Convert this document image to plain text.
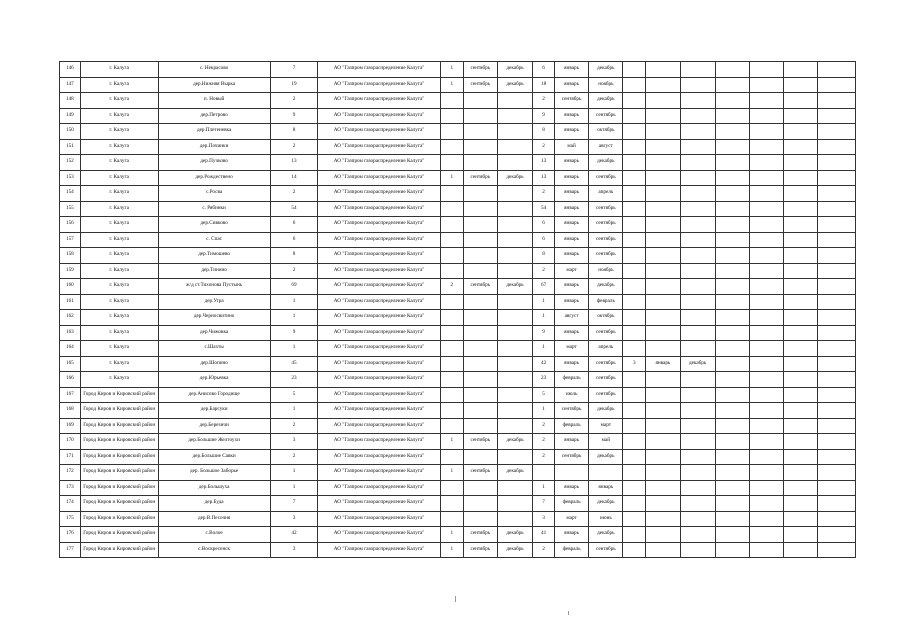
146	г. Калуга	с. Некрасово	7	АО "Газпром газораспределение Калуга"	1	сентябрь	декабрь	6	январь	декабрь							
147	г. Калуга	дер.Нижняя Вырка	19	АО "Газпром газораспределение Калуга"	1	сентябрь	декабрь	18	январь	ноябрь							
148	г. Калуга	п. Новый	2	АО "Газпром газораспределение Калуга"				2	сентябрь	декабрь							
149	г. Калуга	дер.Петрово	9	АО "Газпром газораспределение Калуга"				9	январь	сентябрь							
150	г. Калуга	дер.Плетеневка	8	АО "Газпром газораспределение Калуга"				8	январь	октябрь							
151	г. Калуга	дер.Починки	2	АО "Газпром газораспределение Калуга"				2	май	август							
152	г. Калуга	дер.Пучково	13	АО "Газпром газораспределение Калуга"				13	январь	декабрь							
153	г. Калуга	дер.Рождествено	14	АО "Газпром газораспределение Калуга"	1	сентябрь	декабрь	13	январь	сентябрь							
154	г. Калуга	с.Росва	2	АО "Газпром газораспределение Калуга"				2	январь	апрель							
155	г. Калуга	с. Рябинки	54	АО "Газпром газораспределение Калуга"				54	январь	сентябрь							
156	г. Калуга	дер.Сивково	6	АО "Газпром газораспределение Калуга"				6	январь	сентябрь							
157	г. Калуга	с. Спас	6	АО "Газпром газораспределение Калуга"				6	январь	сентябрь							
158	г. Калуга	дер.Тимошево	8	АО "Газпром газораспределение Калуга"				8	январь	сентябрь							
159	г. Калуга	дер.Тинино	2	АО "Газпром газораспределение Калуга"				2	март	ноябрь							
160	г. Калуга	ж/д ст.Тихонова Пустынь	69	АО "Газпром газораспределение Калуга"	2	сентябрь	декабрь	67	январь	декабрь							
161	г. Калуга	дер.Угра	1	АО "Газпром газораспределение Калуга"				1	январь	февраль							
162	г. Калуга	дер.Черносвитино	1	АО "Газпром газораспределение Калуга"				1	август	октябрь							
163	г. Калуга	дер.Чижовка	9	АО "Газпром газораспределение Калуга"				9	январь	сентябрь							
164	г. Калуга	с.Шахты	1	АО "Газпром газораспределение Калуга"				1	март	апрель							
165	г. Калуга	дер.Шопино	45	АО "Газпром газораспределение Калуга"				42	январь	сентябрь	3	январь	декабрь				
166	г. Калуга	дер.Юрьевка	23	АО "Газпром газораспределение Калуга"				23	февраль	сентябрь							
167	Город Киров и Кировский район	дер.Анисово Городище	5	АО "Газпром газораспределение Калуга"				5	июль	сентябрь							
168	Город Киров и Кировский район	дер.Барсуки	1	АО "Газпром газораспределение Калуга"				1	сентябрь	декабрь							
169	Город Киров и Кировский район	дер.Березичи	2	АО "Газпром газораспределение Калуга"				2	февраль	март							
170	Город Киров и Кировский район	дер.Большие Желтоухи	3	АО "Газпром газораспределение Калуга"	1	сентябрь	декабрь	2	январь	май							
171	Город Киров и Кировский район	дер.Большие Савки	2	АО "Газпром газораспределение Калуга"				2	сентябрь	декабрь							
172	Город Киров и Кировский район	дер. Большое Заборье	1	АО "Газпром газораспределение Калуга"	1	сентябрь	декабрь										
173	Город Киров и Кировский район	дер.Большуха	1	АО "Газпром газораспределение Калуга"				1	январь	январь							
174	Город Киров и Кировский район	дер.Буда	7	АО "Газпром газораспределение Калуга"				7	февраль	декабрь							
175	Город Киров и Кировский район	дер.В.Песочня	3	АО "Газпром газораспределение Калуга"				3	март	июнь							
176	Город Киров и Кировский район	с.Волое	42	АО "Газпром газораспределение Калуга"	1	сентябрь	декабрь	41	январь	декабрь							
177	Город Киров и Кировский район	с.Воскресенск	3	АО "Газпром газораспределение Калуга"	1	сентябрь	декабрь	2	февраль	сентябрь							
